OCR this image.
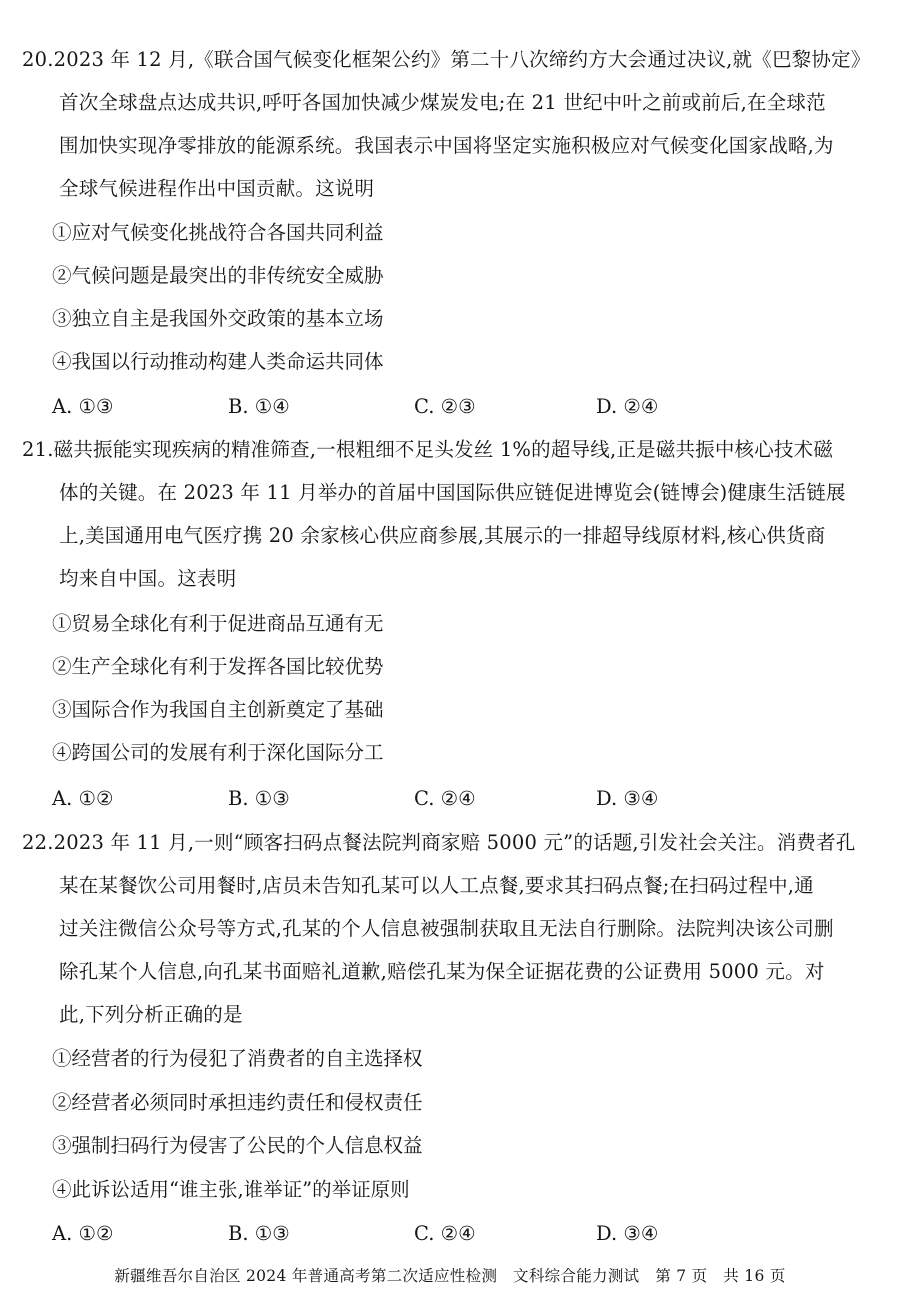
20.2023 年 12 月,《联合国气候变化框架公约》第二十八次缔约方大会通过决议,就《巴黎协定》
首次全球盘点达成共识,呼吁各国加快减少煤炭发电;在 21 世纪中叶之前或前后,在全球范
围加快实现净零排放的能源系统。我国表示中国将坚定实施积极应对气候变化国家战略,为
全球气候进程作出中国贡献。这说明
①应对气候变化挑战符合各国共同利益
②气候问题是最突出的非传统安全威胁
③独立自主是我国外交政策的基本立场
④我国以行动推动构建人类命运共同体
A. ①③	B. ①④	C. ②③	D. ②④
21.磁共振能实现疾病的精准筛查,一根粗细不足头发丝 1%的超导线,正是磁共振中核心技术磁
体的关键。在 2023 年 11 月举办的首届中国国际供应链促进博览会(链博会)健康生活链展
上,美国通用电气医疗携 20 余家核心供应商参展,其展示的一排超导线原材料,核心供货商
均来自中国。这表明
①贸易全球化有利于促进商品互通有无
②生产全球化有利于发挥各国比较优势
③国际合作为我国自主创新奠定了基础
④跨国公司的发展有利于深化国际分工
A. ①②	B. ①③	C. ②④	D. ③④
22.2023 年 11 月,一则“顾客扫码点餐法院判商家赔 5000 元”的话题,引发社会关注。消费者孔
某在某餐饮公司用餐时,店员未告知孔某可以人工点餐,要求其扫码点餐;在扫码过程中,通
过关注微信公众号等方式,孔某的个人信息被强制获取且无法自行删除。法院判决该公司删
除孔某个人信息,向孔某书面赔礼道歉,赔偿孔某为保全证据花费的公证费用 5000 元。对
此,下列分析正确的是
①经营者的行为侵犯了消费者的自主选择权
②经营者必须同时承担违约责任和侵权责任
③强制扫码行为侵害了公民的个人信息权益
④此诉讼适用“谁主张,谁举证”的举证原则
A. ①②	B. ①③	C. ②④	D. ③④
新疆维吾尔自治区 2024 年普通高考第二次适应性检测　文科综合能力测试　第 7 页　共 16 页
